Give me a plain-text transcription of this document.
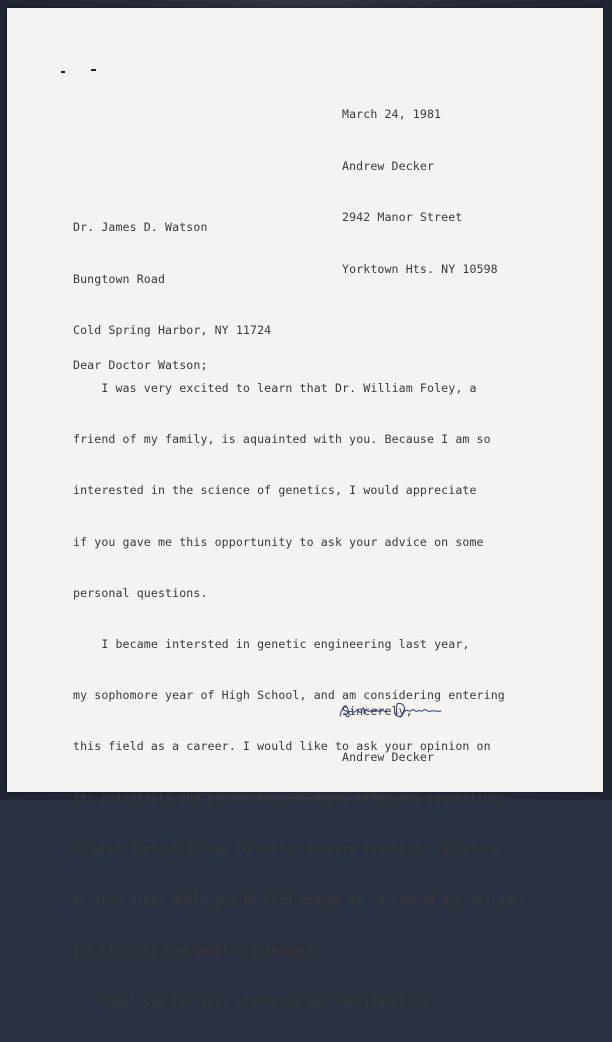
March 24, 1981

Andrew Decker

2942 Manor Street

Yorktown Hts. NY 10598

Dr. James D. Watson

Bungtown Road

Cold Spring Harbor, NY 11724

Dear Doctor Watson;

I was very excited to learn that Dr. William Foley, a

friend of my family, is aquainted with you. Because I am so

interested in the science of genetics, I would appreciate

if you gave me this opportunity to ask your advice on some

personal questions.

I became intersted in genetic engineering last year,

my sophomore year of High School, and am considering entering

this field as a career. I would like to ask your opinion on

its potentials and prospects. Could you offer any suggestions

on what I might do now to better prepare myself for a future

in this area? Would you be kind enough to reccomend any colleges

for study in the Genetic Sciences?

Thank you for your attention and consideration.

Sincerely,

Andrew Decker
